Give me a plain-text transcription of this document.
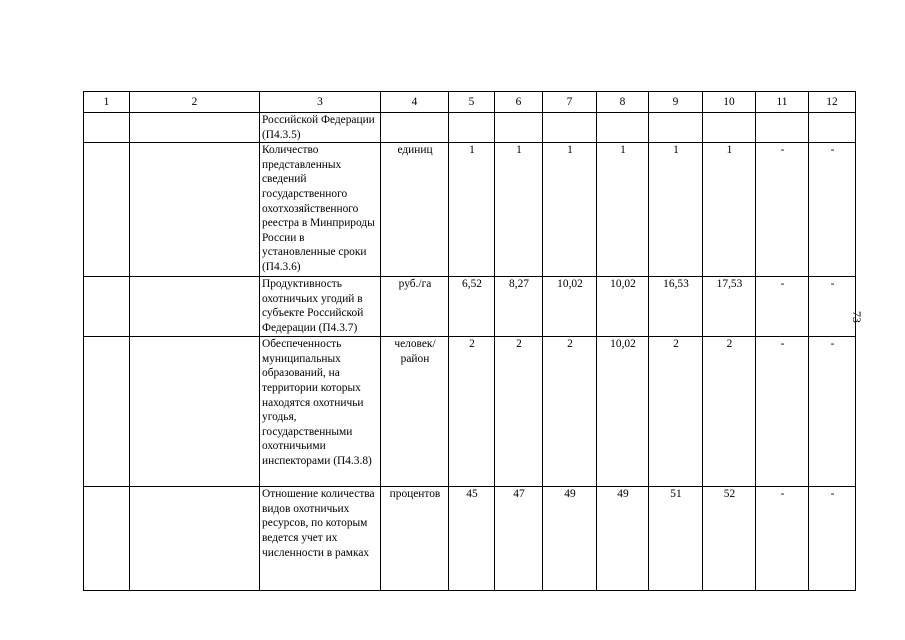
1	2	3	4	5	6	7	8	9	10	11	12
		Российской Федерации (П4.3.5)									
		Количество представленных сведений государственного охотхозяйственного реестра в Минприроды России в установленные сроки (П4.3.6)	единиц	1	1	1	1	1	1	-	-
		Продуктивность охотничьих угодий в субъекте Российской Федерации (П4.3.7)	руб./га	6,52	8,27	10,02	10,02	16,53	17,53	-	-
		Обеспеченность муниципальных образований, на территории которых находятся охотничьи угодья, государственными охотничьими инспекторами (П4.3.8)	человек/ район	2	2	2	10,02	2	2	-	-
		Отношение количества видов охотничьих ресурсов, по которым ведется учет их численности в рамках	процентов	45	47	49	49	51	52	-	-
73
